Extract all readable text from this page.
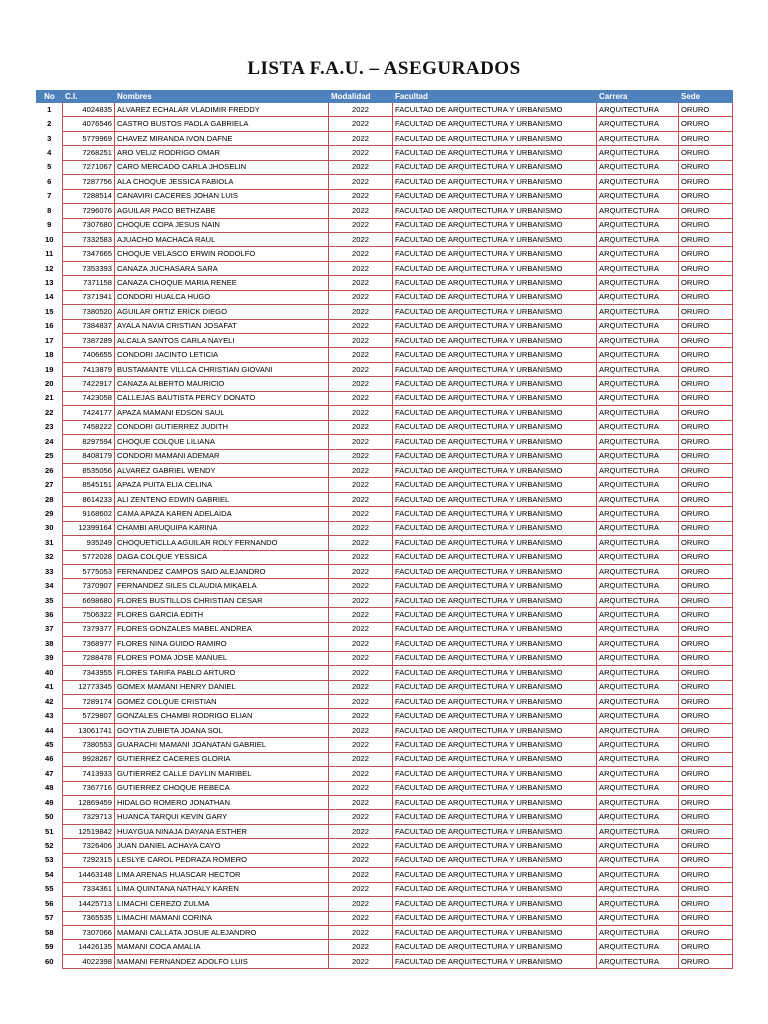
LISTA F.A.U. – ASEGURADOS
No	C.I.	Nombres	Modalidad	Facultad	Carrera	Sede
1	4024835	ALVAREZ ECHALAR VLADIMIR FREDDY	2022	FACULTAD DE ARQUITECTURA Y URBANISMO	ARQUITECTURA	ORURO
2	4076546	CASTRO BUSTOS PAOLA GABRIELA	2022	FACULTAD DE ARQUITECTURA Y URBANISMO	ARQUITECTURA	ORURO
3	5779969	CHAVEZ MIRANDA IVON DAFNE	2022	FACULTAD DE ARQUITECTURA Y URBANISMO	ARQUITECTURA	ORURO
4	7268251	ARO VELIZ RODRIGO OMAR	2022	FACULTAD DE ARQUITECTURA Y URBANISMO	ARQUITECTURA	ORURO
5	7271067	CARO MERCADO CARLA JHOSELIN	2022	FACULTAD DE ARQUITECTURA Y URBANISMO	ARQUITECTURA	ORURO
6	7287756	ALA CHOQUE JESSICA FABIOLA	2022	FACULTAD DE ARQUITECTURA Y URBANISMO	ARQUITECTURA	ORURO
7	7288514	CANAVIRI CACERES JOHAN LUIS	2022	FACULTAD DE ARQUITECTURA Y URBANISMO	ARQUITECTURA	ORURO
8	7296076	AGUILAR PACO BETHZABE	2022	FACULTAD DE ARQUITECTURA Y URBANISMO	ARQUITECTURA	ORURO
9	7307680	CHOQUE COPA JESUS NAIN	2022	FACULTAD DE ARQUITECTURA Y URBANISMO	ARQUITECTURA	ORURO
10	7332583	AJUACHO MACHACA RAUL	2022	FACULTAD DE ARQUITECTURA Y URBANISMO	ARQUITECTURA	ORURO
11	7347665	CHOQUE VELASCO ERWIN RODOLFO	2022	FACULTAD DE ARQUITECTURA Y URBANISMO	ARQUITECTURA	ORURO
12	7353393	CANAZA JUCHASARA SARA	2022	FACULTAD DE ARQUITECTURA Y URBANISMO	ARQUITECTURA	ORURO
13	7371158	CANAZA CHOQUE MARIA RENEE	2022	FACULTAD DE ARQUITECTURA Y URBANISMO	ARQUITECTURA	ORURO
14	7371941	CONDORI HUALCA HUGO	2022	FACULTAD DE ARQUITECTURA Y URBANISMO	ARQUITECTURA	ORURO
15	7380520	AGUILAR ORTIZ ERICK DIEGO	2022	FACULTAD DE ARQUITECTURA Y URBANISMO	ARQUITECTURA	ORURO
16	7384837	AYALA NAVIA CRISTIAN JOSAFAT	2022	FACULTAD DE ARQUITECTURA Y URBANISMO	ARQUITECTURA	ORURO
17	7387289	ALCALA SANTOS CARLA NAYELI	2022	FACULTAD DE ARQUITECTURA Y URBANISMO	ARQUITECTURA	ORURO
18	7406655	CONDORI JACINTO LETICIA	2022	FACULTAD DE ARQUITECTURA Y URBANISMO	ARQUITECTURA	ORURO
19	7413879	BUSTAMANTE VILLCA CHRISTIAN GIOVANI	2022	FACULTAD DE ARQUITECTURA Y URBANISMO	ARQUITECTURA	ORURO
20	7422917	CANAZA ALBERTO MAURICIO	2022	FACULTAD DE ARQUITECTURA Y URBANISMO	ARQUITECTURA	ORURO
21	7423058	CALLEJAS BAUTISTA PERCY DONATO	2022	FACULTAD DE ARQUITECTURA Y URBANISMO	ARQUITECTURA	ORURO
22	7424177	APAZA MAMANI EDSON SAUL	2022	FACULTAD DE ARQUITECTURA Y URBANISMO	ARQUITECTURA	ORURO
23	7458222	CONDORI GUTIERREZ JUDITH	2022	FACULTAD DE ARQUITECTURA Y URBANISMO	ARQUITECTURA	ORURO
24	8297594	CHOQUE COLQUE LILIANA	2022	FACULTAD DE ARQUITECTURA Y URBANISMO	ARQUITECTURA	ORURO
25	8408179	CONDORI MAMANI ADEMAR	2022	FACULTAD DE ARQUITECTURA Y URBANISMO	ARQUITECTURA	ORURO
26	8535056	ALVAREZ GABRIEL WENDY	2022	FACULTAD DE ARQUITECTURA Y URBANISMO	ARQUITECTURA	ORURO
27	8545151	APAZA PUITA ELIA CELINA	2022	FACULTAD DE ARQUITECTURA Y URBANISMO	ARQUITECTURA	ORURO
28	8614233	ALI ZENTENO EDWIN GABRIEL	2022	FACULTAD DE ARQUITECTURA Y URBANISMO	ARQUITECTURA	ORURO
29	9168602	CAMA APAZA KAREN ADELAIDA	2022	FACULTAD DE ARQUITECTURA Y URBANISMO	ARQUITECTURA	ORURO
30	12399164	CHAMBI ARUQUIPA KARINA	2022	FACULTAD DE ARQUITECTURA Y URBANISMO	ARQUITECTURA	ORURO
31	935249	CHOQUETICLLA AGUILAR ROLY FERNANDO	2022	FACULTAD DE ARQUITECTURA Y URBANISMO	ARQUITECTURA	ORURO
32	5772028	DAGA COLQUE YESSICA	2022	FACULTAD DE ARQUITECTURA Y URBANISMO	ARQUITECTURA	ORURO
33	5775053	FERNANDEZ CAMPOS SAID ALEJANDRO	2022	FACULTAD DE ARQUITECTURA Y URBANISMO	ARQUITECTURA	ORURO
34	7370907	FERNANDEZ SILES CLAUDIA MIKAELA	2022	FACULTAD DE ARQUITECTURA Y URBANISMO	ARQUITECTURA	ORURO
35	6698680	FLORES BUSTILLOS CHRISTIAN CESAR	2022	FACULTAD DE ARQUITECTURA Y URBANISMO	ARQUITECTURA	ORURO
36	7506322	FLORES GARCIA EDITH	2022	FACULTAD DE ARQUITECTURA Y URBANISMO	ARQUITECTURA	ORURO
37	7379377	FLORES GONZALES MABEL ANDREA	2022	FACULTAD DE ARQUITECTURA Y URBANISMO	ARQUITECTURA	ORURO
38	7368977	FLORES NINA GUIDO RAMIRO	2022	FACULTAD DE ARQUITECTURA Y URBANISMO	ARQUITECTURA	ORURO
39	7288478	FLORES POMA JOSE MANUEL	2022	FACULTAD DE ARQUITECTURA Y URBANISMO	ARQUITECTURA	ORURO
40	7343955	FLORES TARIFA PABLO ARTURO	2022	FACULTAD DE ARQUITECTURA Y URBANISMO	ARQUITECTURA	ORURO
41	12773345	GOMEX MAMANI HENRY DANIEL	2022	FACULTAD DE ARQUITECTURA Y URBANISMO	ARQUITECTURA	ORURO
42	7289174	GOMEZ COLQUE CRISTIAN	2022	FACULTAD DE ARQUITECTURA Y URBANISMO	ARQUITECTURA	ORURO
43	5729807	GONZALES CHAMBI RODRIGO ELIAN	2022	FACULTAD DE ARQUITECTURA Y URBANISMO	ARQUITECTURA	ORURO
44	13061741	GOYTIA ZUBIETA JOANA SOL	2022	FACULTAD DE ARQUITECTURA Y URBANISMO	ARQUITECTURA	ORURO
45	7380553	GUARACHI MAMANI JOANATAN GABRIEL	2022	FACULTAD DE ARQUITECTURA Y URBANISMO	ARQUITECTURA	ORURO
46	9928267	GUTIERREZ CACERES GLORIA	2022	FACULTAD DE ARQUITECTURA Y URBANISMO	ARQUITECTURA	ORURO
47	7413933	GUTIERREZ CALLE DAYLIN MARIBEL	2022	FACULTAD DE ARQUITECTURA Y URBANISMO	ARQUITECTURA	ORURO
48	7367716	GUTIERREZ CHOQUE REBECA	2022	FACULTAD DE ARQUITECTURA Y URBANISMO	ARQUITECTURA	ORURO
49	12869459	HIDALGO ROMERO JONATHAN	2022	FACULTAD DE ARQUITECTURA Y URBANISMO	ARQUITECTURA	ORURO
50	7329713	HUANCA TARQUI KEVIN GARY	2022	FACULTAD DE ARQUITECTURA Y URBANISMO	ARQUITECTURA	ORURO
51	12519842	HUAYGUA NINAJA DAYANA ESTHER	2022	FACULTAD DE ARQUITECTURA Y URBANISMO	ARQUITECTURA	ORURO
52	7326406	JUAN DANIEL ACHAYA CAYO	2022	FACULTAD DE ARQUITECTURA Y URBANISMO	ARQUITECTURA	ORURO
53	7292315	LESLYE CAROL PEDRAZA ROMERO	2022	FACULTAD DE ARQUITECTURA Y URBANISMO	ARQUITECTURA	ORURO
54	14463148	LIMA ARENAS HUASCAR HECTOR	2022	FACULTAD DE ARQUITECTURA Y URBANISMO	ARQUITECTURA	ORURO
55	7334361	LIMA QUINTANA NATHALY KAREN	2022	FACULTAD DE ARQUITECTURA Y URBANISMO	ARQUITECTURA	ORURO
56	14425713	LIMACHI CEREZO ZULMA	2022	FACULTAD DE ARQUITECTURA Y URBANISMO	ARQUITECTURA	ORURO
57	7365535	LIMACHI MAMANI CORINA	2022	FACULTAD DE ARQUITECTURA Y URBANISMO	ARQUITECTURA	ORURO
58	7307066	MAMANI CALLATA JOSUE ALEJANDRO	2022	FACULTAD DE ARQUITECTURA Y URBANISMO	ARQUITECTURA	ORURO
59	14426135	MAMANI COCA AMALIA	2022	FACULTAD DE ARQUITECTURA Y URBANISMO	ARQUITECTURA	ORURO
60	4022398	MAMANI FERNANDEZ ADOLFO LUIS	2022	FACULTAD DE ARQUITECTURA Y URBANISMO	ARQUITECTURA	ORURO
